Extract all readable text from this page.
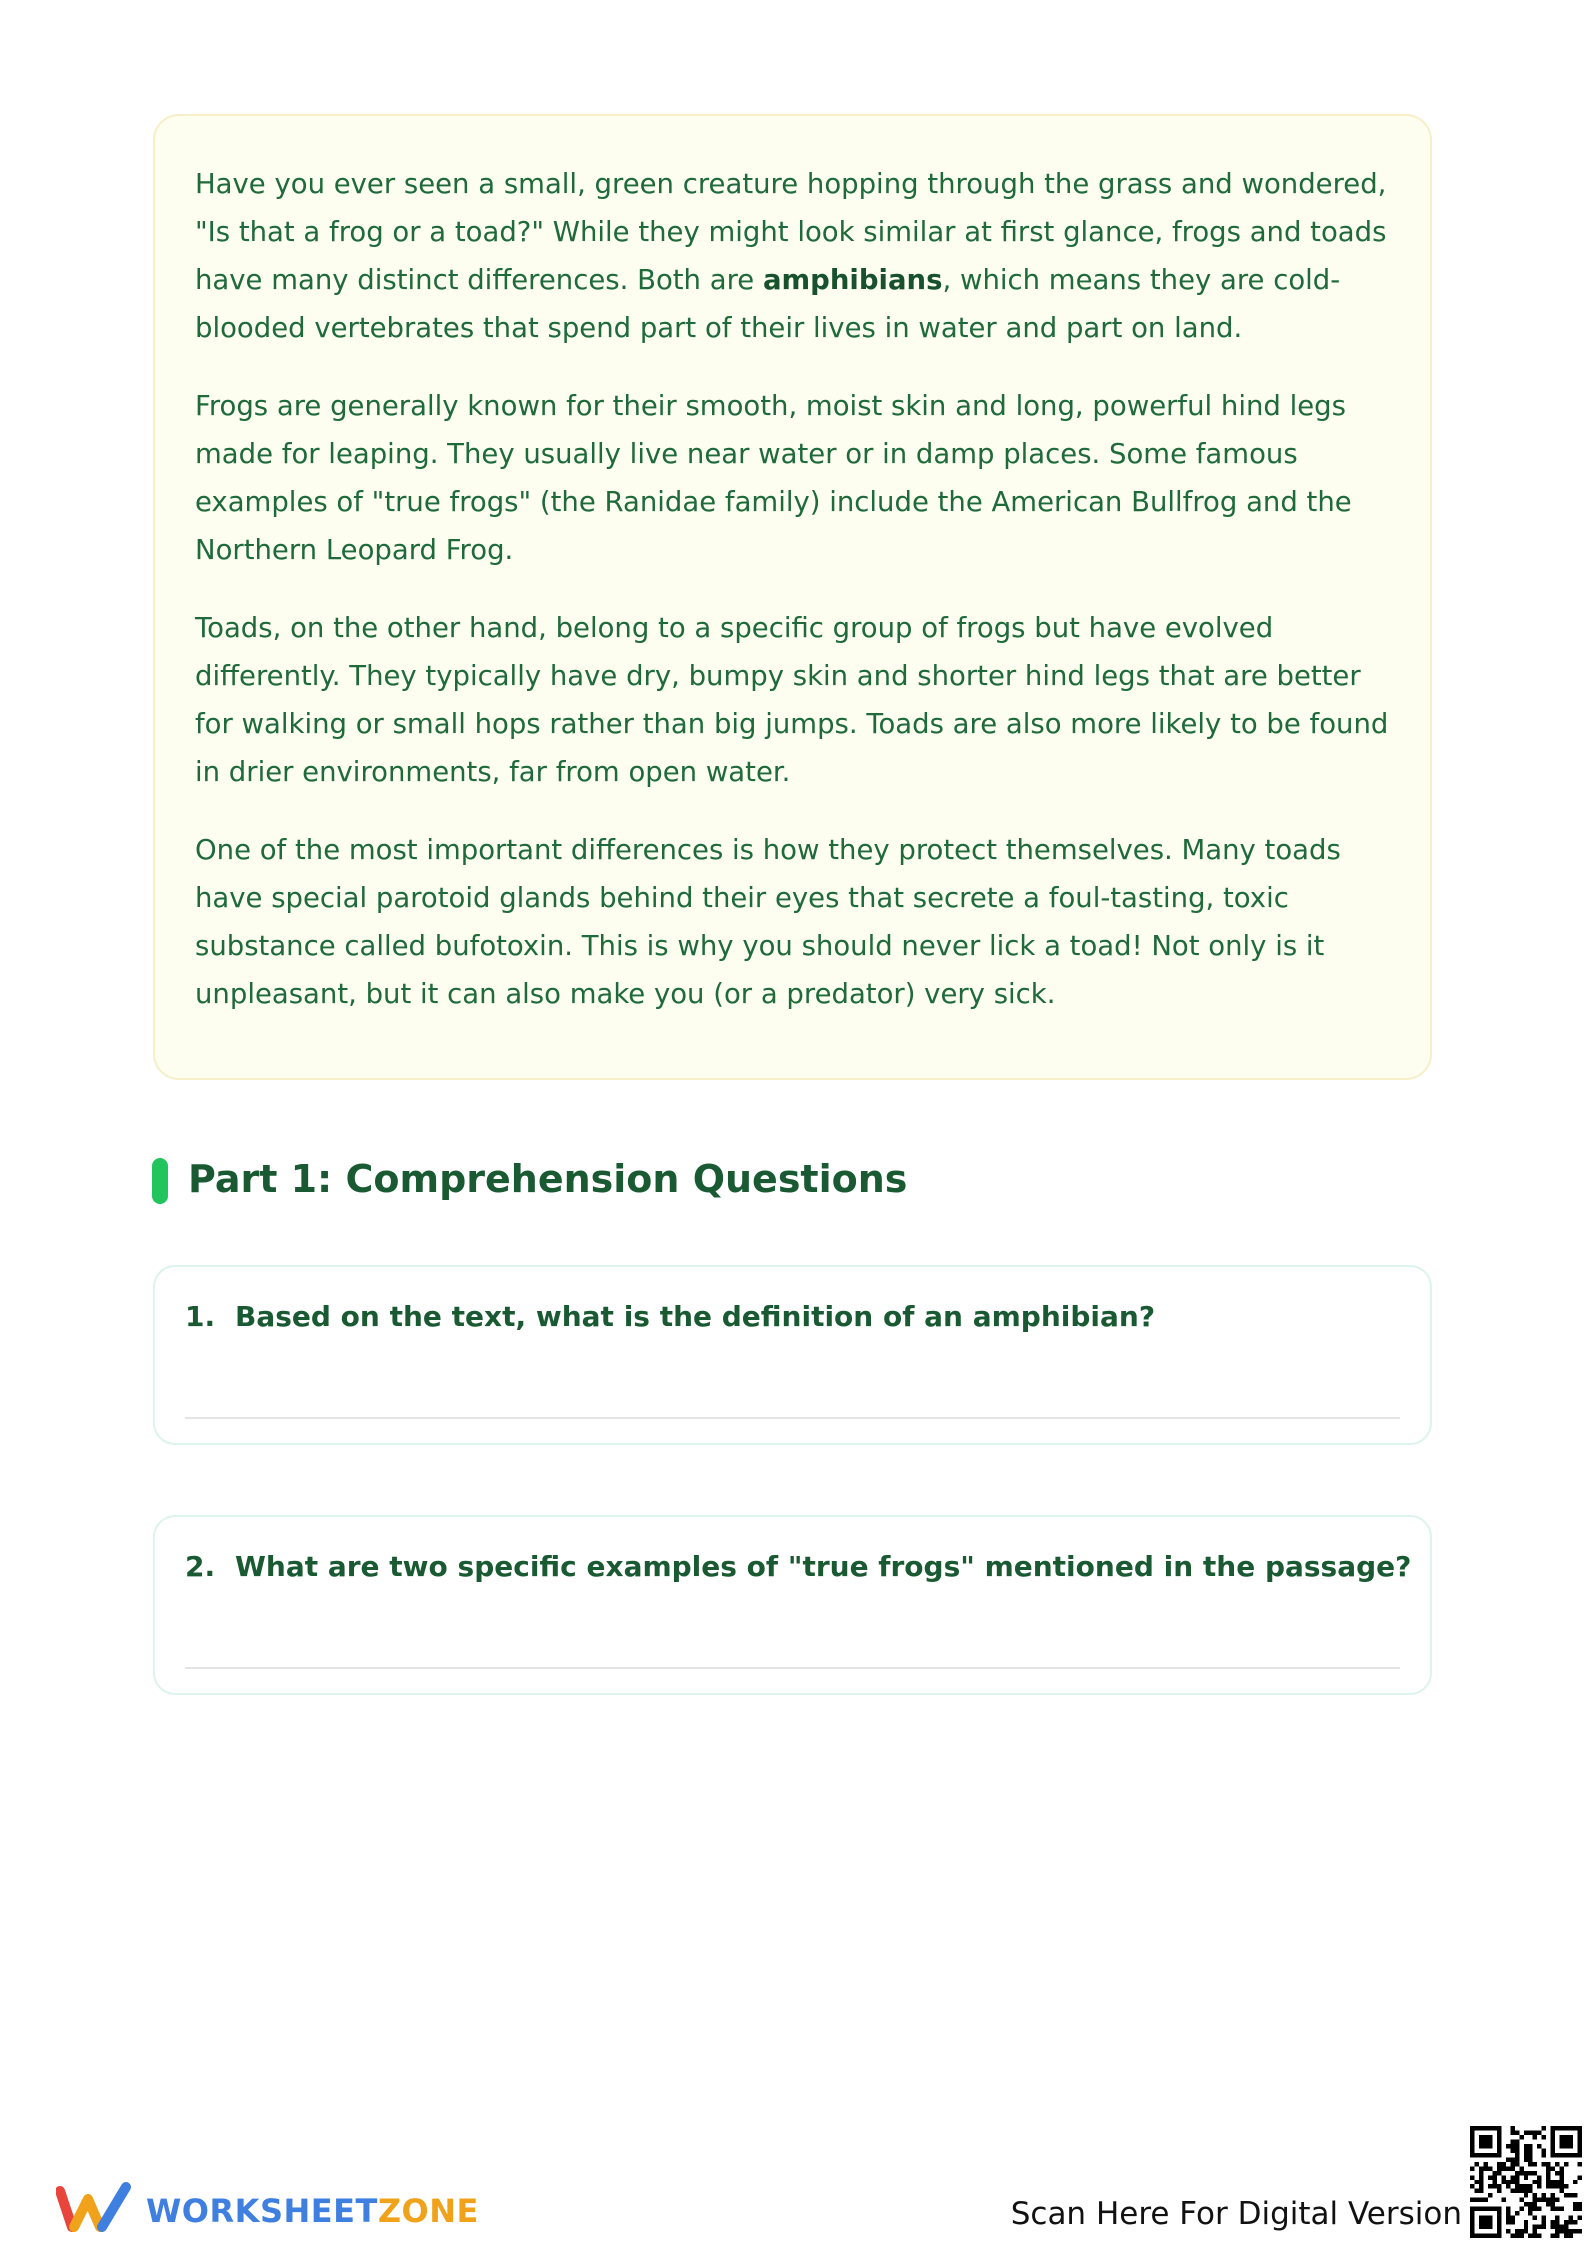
Have you ever seen a small, green creature hopping through the grass and wondered, "Is that a frog or a toad?" While they might look similar at first glance, frogs and toads have many distinct differences. Both are amphibians, which means they are cold-blooded vertebrates that spend part of their lives in water and part on land.

Frogs are generally known for their smooth, moist skin and long, powerful hind legs made for leaping. They usually live near water or in damp places. Some famous examples of "true frogs" (the Ranidae family) include the American Bullfrog and the Northern Leopard Frog.

Toads, on the other hand, belong to a specific group of frogs but have evolved differently. They typically have dry, bumpy skin and shorter hind legs that are better for walking or small hops rather than big jumps. Toads are also more likely to be found in drier environments, far from open water.

One of the most important differences is how they protect themselves. Many toads have special parotoid glands behind their eyes that secrete a foul-tasting, toxic substance called bufotoxin. This is why you should never lick a toad! Not only is it unpleasant, but it can also make you (or a predator) very sick.

Part 1: Comprehension Questions
1. Based on the text, what is the definition of an amphibian?
2. What are two specific examples of "true frogs" mentioned in the passage?
WORKSHEETZONE	Scan Here For Digital Version
